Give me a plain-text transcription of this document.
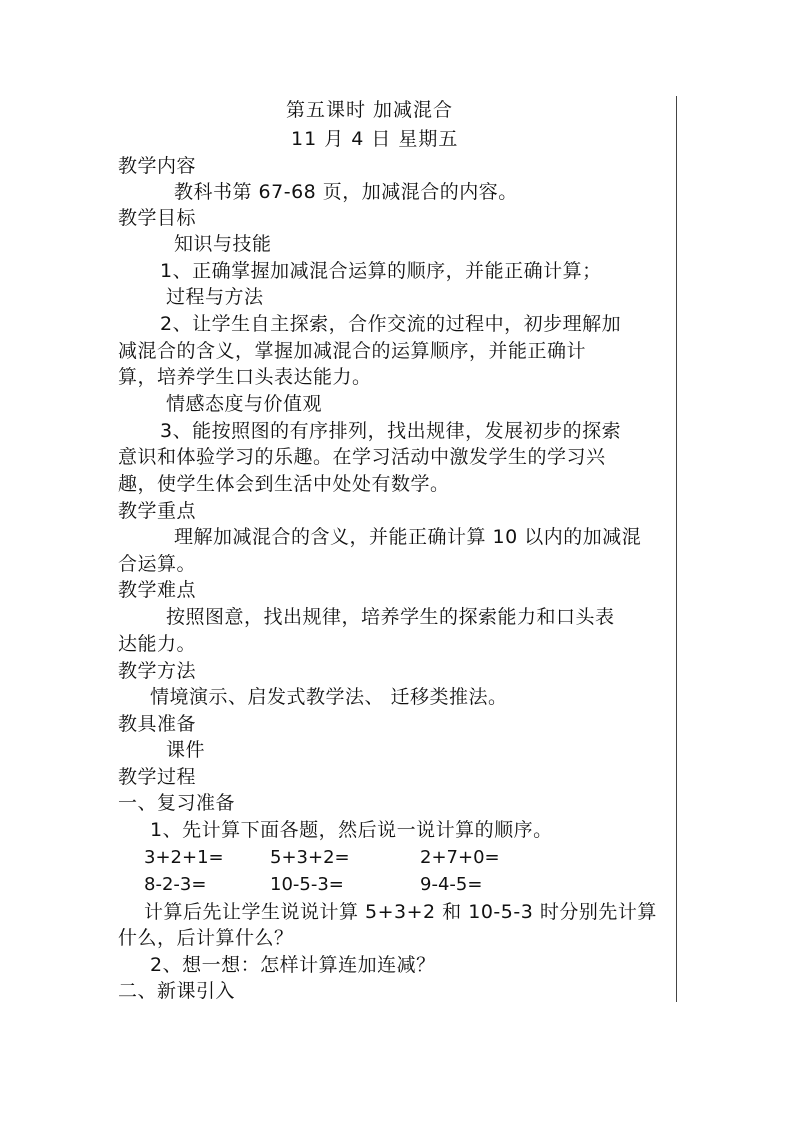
第五课时 加减混合
11 月 4 日 星期五
教学内容
教科书第 67-68 页，加减混合的内容。
教学目标
知识与技能
1、正确掌握加减混合运算的顺序，并能正确计算；
过程与方法
2、让学生自主探索，合作交流的过程中，初步理解加
减混合的含义，掌握加减混合的运算顺序，并能正确计
算，培养学生口头表达能力。
情感态度与价值观
3、能按照图的有序排列，找出规律，发展初步的探索
意识和体验学习的乐趣。在学习活动中激发学生的学习兴
趣，使学生体会到生活中处处有数学。
教学重点
理解加减混合的含义，并能正确计算 10 以内的加减混
合运算。
教学难点
按照图意，找出规律，培养学生的探索能力和口头表
达能力。
教学方法
情境演示、启发式教学法、 迁移类推法。
教具准备
课件
教学过程
一、复习准备
1、先计算下面各题，然后说一说计算的顺序。
3+2+1=	5+3+2=	2+7+0=
8-2-3=	10-5-3=	9-4-5=
计算后先让学生说说计算 5+3+2 和 10-5-3 时分别先计算
什么，后计算什么？
2、想一想：怎样计算连加连减？
二、新课引入
